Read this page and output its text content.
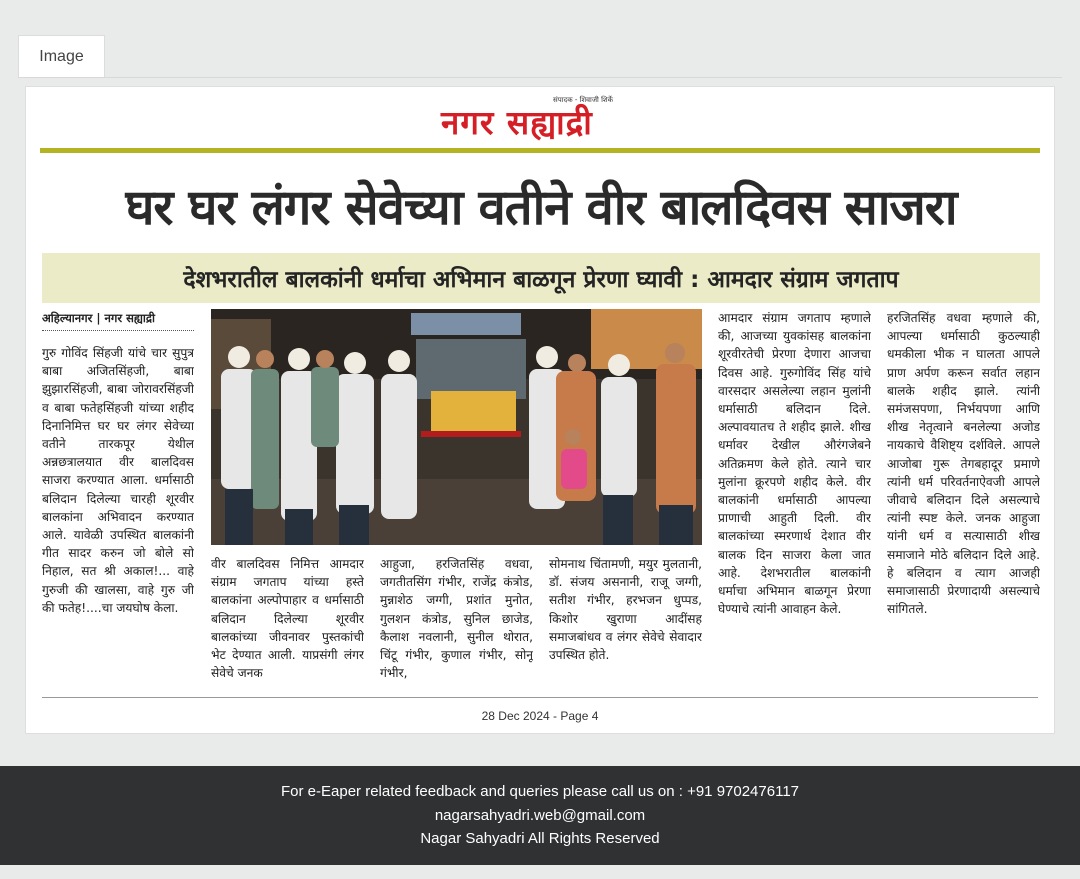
Image
नगर सह्याद्री
संपादक - शिवाजी शिर्के
घर घर लंगर सेवेच्या वतीने वीर बालदिवस साजरा
देशभरातील बालकांनी धर्माचा अभिमान बाळगून प्रेरणा घ्यावी : आमदार संग्राम जगताप
अहिल्यानगर | नगर सह्याद्री
गुरु गोविंद सिंहजी यांचे चार सुपुत्र बाबा अजितसिंहजी, बाबा झुझारसिंहजी, बाबा जोरावरसिंहजी व बाबा फतेहसिंहजी यांच्या शहीद दिनानिमित्त घर घर लंगर सेवेच्या वतीने तारकपूर येथील अन्नछत्रालयात वीर बालदिवस साजरा करण्यात आला. धर्मासाठी बलिदान दिलेल्या चारही शूरवीर बालकांना अभिवादन करण्यात आले. यावेळी उपस्थित बालकांनी गीत सादर करुन जो बोले सो निहाल, सत श्री अकाल!... वाहे गुरुजी की खालसा, वाहे गुरु जी की फतेह!....चा जयघोष केला.
वीर बालदिवस निमित्त आमदार संग्राम जगताप यांच्या हस्ते बालकांना अल्पोपाहार व धर्मासाठी बलिदान दिलेल्या शूरवीर बालकांच्या जीवनावर पुस्तकांची भेट देण्यात आली. याप्रसंगी लंगर सेवेचे जनक
आहुजा, हरजितसिंह वधवा, जगतीतसिंग गंभीर, राजेंद्र कंत्रोड, मुन्नाशेठ जग्गी, प्रशांत मुनोत, गुलशन कंत्रोड, सुनिल छाजेड, कैलाश नवलानी, सुनील थोरात, चिंटू गंभीर, कुणाल गंभीर, सोनू गंभीर,
सोमनाथ चिंतामणी, मयुर मुलतानी, डॉ. संजय असनानी, राजू जग्गी, सतीश गंभीर, हरभजन धुप्पड, किशोर खुराणा आदींसह समाजबांधव व लंगर सेवेचे सेवादार उपस्थित होते.
आमदार संग्राम जगताप म्हणाले की, आजच्या युवकांसह बालकांना शूरवीरतेची प्रेरणा देणारा आजचा दिवस आहे. गुरुगोविंद सिंह यांचे वारसदार असलेल्या लहान मुलांनी धर्मासाठी बलिदान दिले. अल्पावयातच ते शहीद झाले. शीख धर्मावर देखील औरंगजेबने अतिक्रमण केले होते. त्याने चार मुलांना क्रूरपणे शहीद केले. वीर बालकांनी धर्मासाठी आपल्या प्राणाची आहुती दिली. वीर बालकांच्या स्मरणार्थ देशात वीर बालक दिन साजरा केला जात आहे. देशभरातील बालकांनी धर्माचा अभिमान बाळगून प्रेरणा घेण्याचे त्यांनी आवाहन केले.
हरजितसिंह वधवा म्हणाले की, आपल्या धर्मासाठी कुठल्याही धमकीला भीक न घालता आपले प्राण अर्पण करून सर्वात लहान बालके शहीद झाले. त्यांनी समंजसपणा, निर्भयपणा आणि शीख नेतृत्वाने बनलेल्या अजोड नायकाचे वैशिष्ट्य दर्शविले. आपले आजोबा गुरू तेगबहादूर प्रमाणे त्यांनी धर्म परिवर्तनाऐवजी आपले जीवाचे बलिदान दिले असल्याचे त्यांनी स्पष्ट केले. जनक आहुजा यांनी धर्म व सत्यासाठी शीख समाजाने मोठे बलिदान दिले आहे. हे बलिदान व त्याग आजही समाजासाठी प्रेरणादायी असल्याचे सांगितले.
28 Dec 2024 - Page 4
For e-Eaper related feedback and queries please call us on : +91 9702476117
nagarsahyadri.web@gmail.com
Nagar Sahyadri All Rights Reserved
